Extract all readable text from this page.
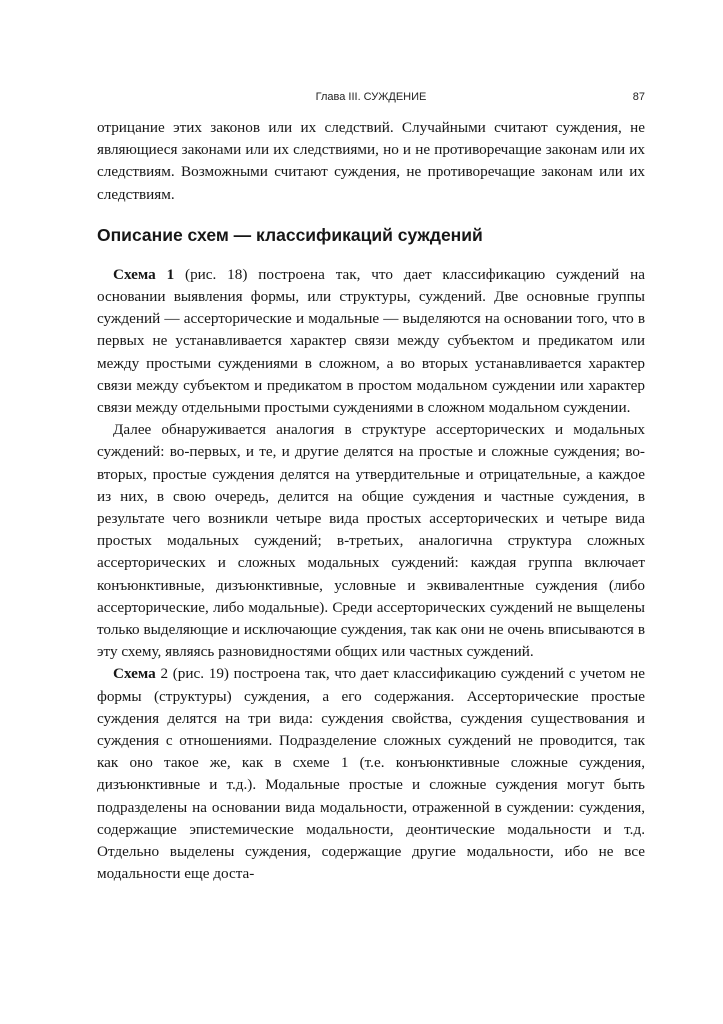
Глава III. СУЖДЕНИЕ	87

отрицание этих законов или их следствий. Случайными считают суждения, не являющиеся законами или их следствиями, но и не противоречащие законам или их следствиям. Возможными считают суждения, не противоречащие законам или их следствиям.

Описание схем — классификаций суждений

Схема 1 (рис. 18) построена так, что дает классификацию суждений на основании выявления формы, или структуры, суждений. Две основные группы суждений — ассерторические и модальные — выделяются на основании того, что в первых не устанавливается характер связи между субъектом и предикатом или между простыми суждениями в сложном, а во вторых устанавливается характер связи между субъектом и предикатом в простом модальном суждении или характер связи между отдельными простыми суждениями в сложном модальном суждении.

Далее обнаруживается аналогия в структуре ассерторических и модальных суждений: во-первых, и те, и другие делятся на простые и сложные суждения; во-вторых, простые суждения делятся на утвердительные и отрицательные, а каждое из них, в свою очередь, делится на общие суждения и частные суждения, в результате чего возникли четыре вида простых ассерторических и четыре вида простых модальных суждений; в-третьих, аналогична структура сложных ассерторических и сложных модальных суждений: каждая группа включает конъюнктивные, дизъюнктивные, условные и эквивалентные суждения (либо ассерторические, либо модальные). Среди ассерторических суждений не выщелены только выделяющие и исключающие суждения, так как они не очень вписываются в эту схему, являясь разновидностями общих или частных суждений.

Схема 2 (рис. 19) построена так, что дает классификацию суждений с учетом не формы (структуры) суждения, а его содержания. Ассерторические простые суждения делятся на три вида: суждения свойства, суждения существования и суждения с отношениями. Подразделение сложных суждений не проводится, так как оно такое же, как в схеме 1 (т.е. конъюнктивные сложные суждения, дизъюнктивные и т.д.). Модальные простые и сложные суждения могут быть подразделены на основании вида модальности, отраженной в суждении: суждения, содержащие эпистемические модальности, деонтические модальности и т.д. Отдельно выделены суждения, содержащие другие модальности, ибо не все модальности еще доста-
